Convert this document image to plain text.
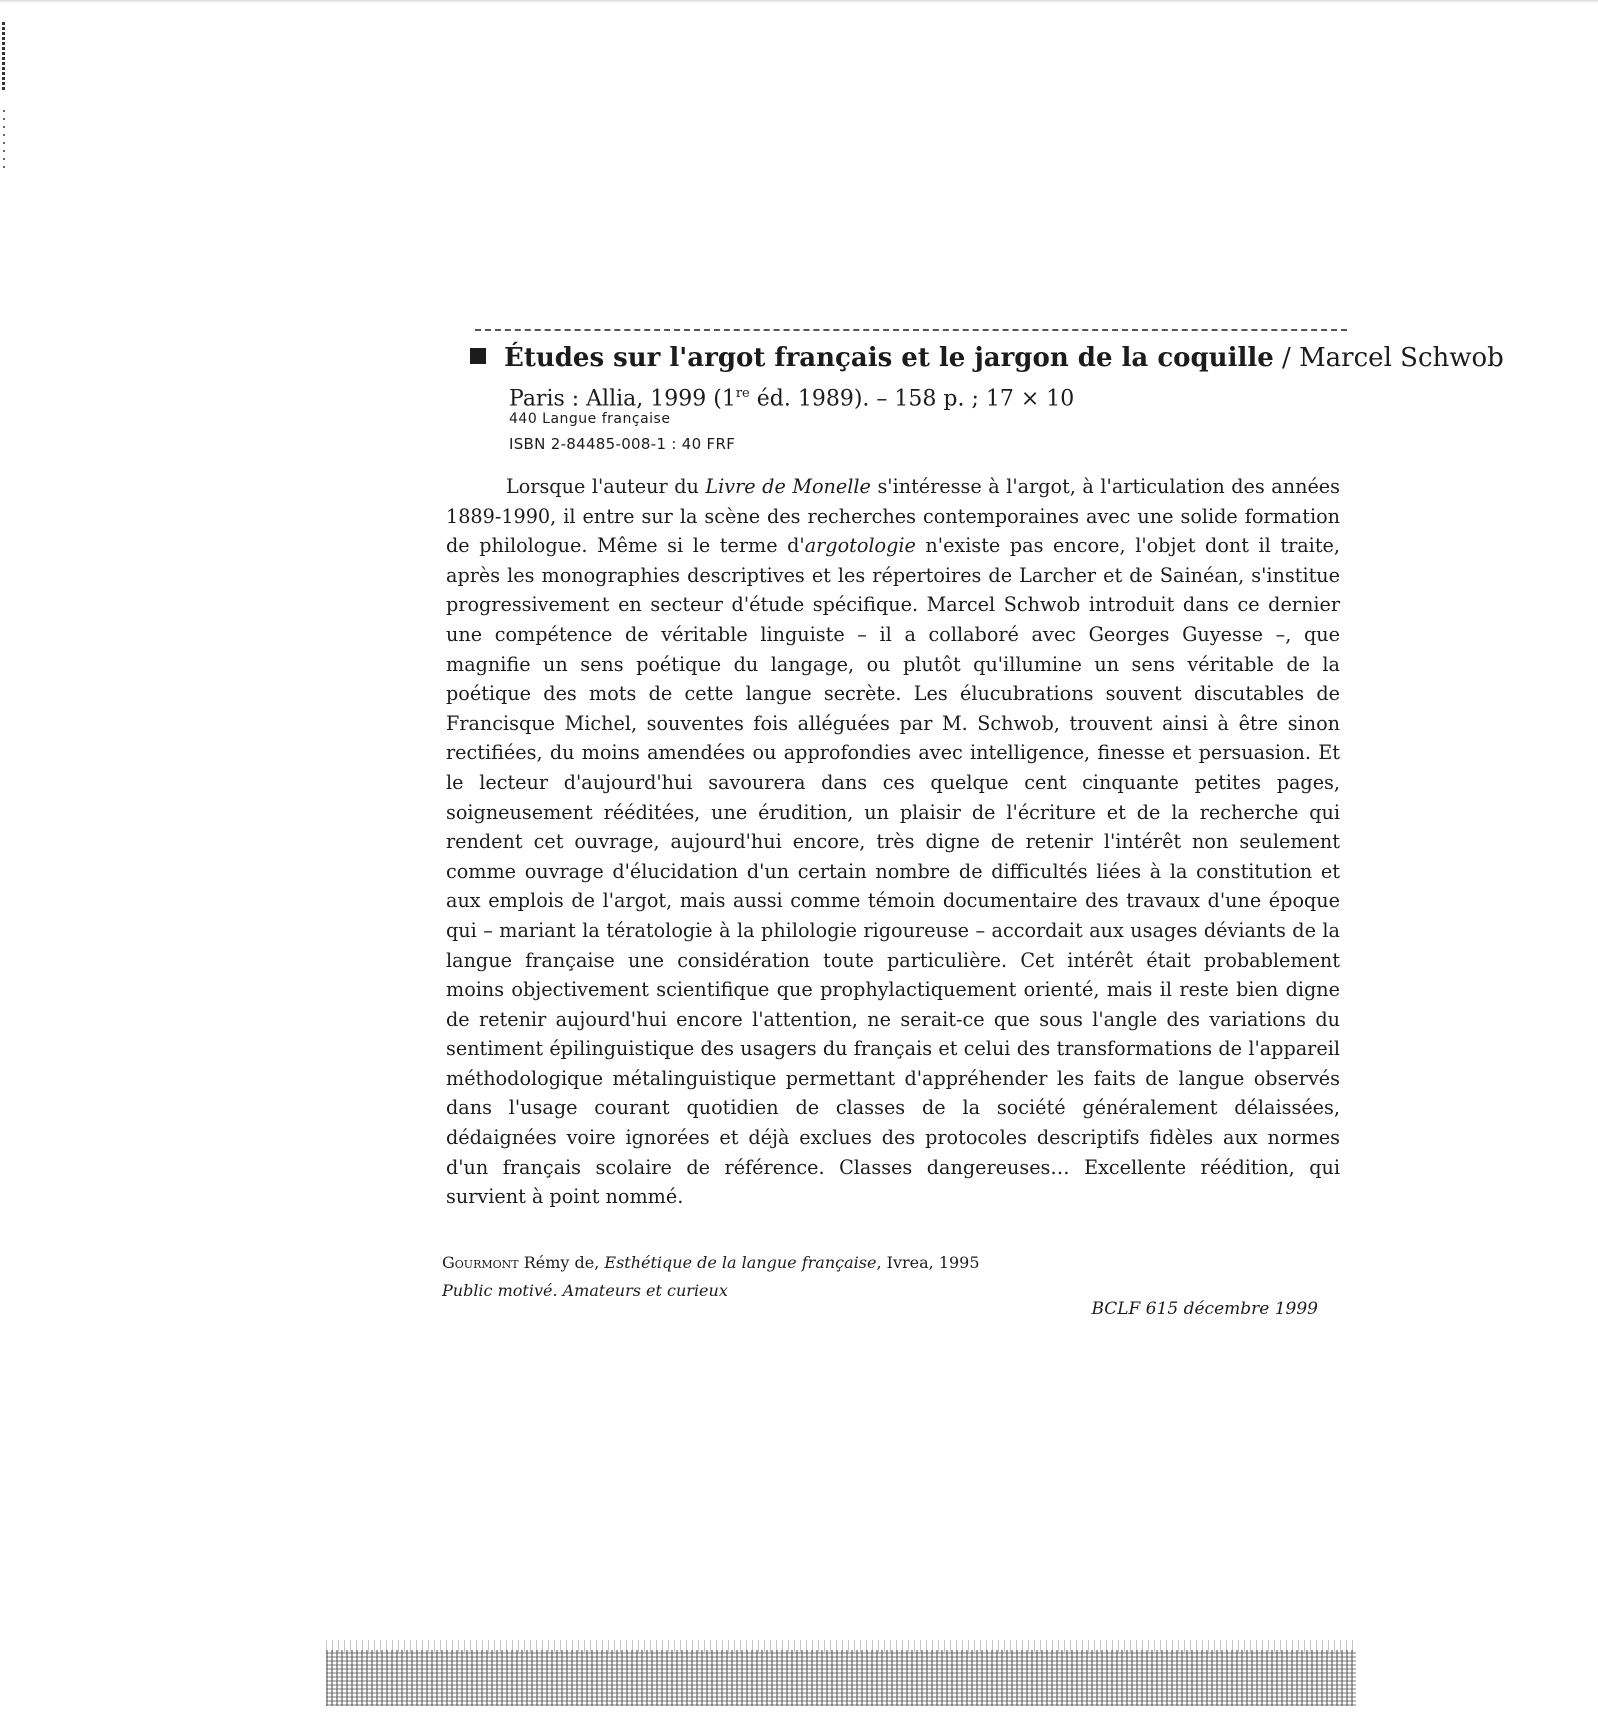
Études sur l'argot français et le jargon de la coquille / Marcel Schwob
Paris : Allia, 1999 (1re éd. 1989). – 158 p. ; 17 × 10
440 Langue française
ISBN 2-84485-008-1 : 40 FRF

Lorsque l'auteur du Livre de Monelle s'intéresse à l'argot, à l'articulation des années 1889-1990, il entre sur la scène des recherches contemporaines avec une solide formation de philologue. Même si le terme d'argotologie n'existe pas encore, l'objet dont il traite, après les monographies descriptives et les répertoires de Larcher et de Sainéan, s'institue progressivement en secteur d'étude spécifique. Marcel Schwob introduit dans ce dernier une compétence de véritable linguiste – il a collaboré avec Georges Guyesse –, que magnifie un sens poétique du langage, ou plutôt qu'illumine un sens véritable de la poétique des mots de cette langue secrète. Les élucubrations souvent discutables de Francisque Michel, souventes fois alléguées par M. Schwob, trouvent ainsi à être sinon rectifiées, du moins amendées ou approfondies avec intelligence, finesse et persuasion. Et le lecteur d'aujourd'hui savourera dans ces quelque cent cinquante petites pages, soigneusement rééditées, une érudition, un plaisir de l'écriture et de la recherche qui rendent cet ouvrage, aujourd'hui encore, très digne de retenir l'intérêt non seulement comme ouvrage d'élucidation d'un certain nombre de difficultés liées à la constitution et aux emplois de l'argot, mais aussi comme témoin documentaire des travaux d'une époque qui – mariant la tératologie à la philologie rigoureuse – accordait aux usages déviants de la langue française une considération toute particulière. Cet intérêt était probablement moins objectivement scientifique que prophylactiquement orienté, mais il reste bien digne de retenir aujourd'hui encore l'attention, ne serait-ce que sous l'angle des variations du sentiment épilinguistique des usagers du français et celui des transformations de l'appareil méthodologique métalinguistique permettant d'appréhender les faits de langue observés dans l'usage courant quotidien de classes de la société généralement délaissées, dédaignées voire ignorées et déjà exclues des protocoles descriptifs fidèles aux normes d'un français scolaire de référence. Classes dangereuses… Excellente réédition, qui survient à point nommé.

Gourmont Rémy de, Esthétique de la langue française, Ivrea, 1995
Public motivé. Amateurs et curieux
BCLF 615 décembre 1999
